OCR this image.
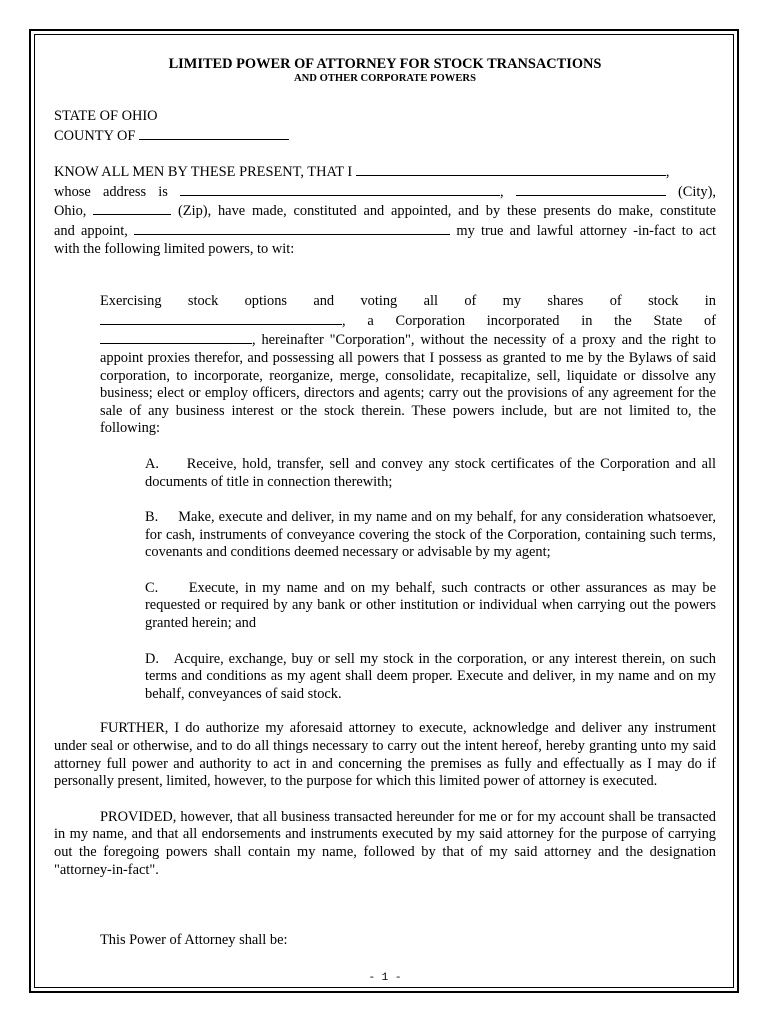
LIMITED POWER OF ATTORNEY FOR STOCK TRANSACTIONS

AND OTHER CORPORATE POWERS

STATE OF OHIO

COUNTY OF

KNOW ALL MEN BY THESE PRESENT, THAT I	,

whose address is	,	(City),

Ohio,	(Zip), have made, constituted and appointed, and by these presents do make, constitute

and appoint,	my true and lawful attorney -in-fact to act

with the following limited powers, to wit:

Exercising stock options and voting all of my shares of stock in

, a Corporation incorporated in the State of

, hereinafter "Corporation", without the necessity of a proxy and the right to

appoint proxies therefor, and possessing all powers that I possess as granted to me by the Bylaws of said corporation, to incorporate, reorganize, merge, consolidate, recapitalize, sell, liquidate or dissolve any business; elect or employ officers, directors and agents; carry out the provisions of any agreement for the sale of any business interest or the stock therein. These powers include, but are not limited to, the following:

A. Receive, hold, transfer, sell and convey any stock certificates of the Corporation and all documents of title in connection therewith;

B. Make, execute and deliver, in my name and on my behalf, for any consideration whatsoever, for cash, instruments of conveyance covering the stock of the Corporation, containing such terms, covenants and conditions deemed necessary or advisable by my agent;

C. Execute, in my name and on my behalf, such contracts or other assurances as may be requested or required by any bank or other institution or individual when carrying out the powers granted herein; and

D. Acquire, exchange, buy or sell my stock in the corporation, or any interest therein, on such terms and conditions as my agent shall deem proper. Execute and deliver, in my name and on my behalf, conveyances of said stock.

FURTHER, I do authorize my aforesaid attorney to execute, acknowledge and deliver any instrument under seal or otherwise, and to do all things necessary to carry out the intent hereof, hereby granting unto my said attorney full power and authority to act in and concerning the premises as fully and effectually as I may do if personally present, limited, however, to the purpose for which this limited power of attorney is executed.

PROVIDED, however, that all business transacted hereunder for me or for my account shall be transacted in my name, and that all endorsements and instruments executed by my said attorney for the purpose of carrying out the foregoing powers shall contain my name, followed by that of my said attorney and the designation "attorney-in-fact".

This Power of Attorney shall be:

- 1 -
